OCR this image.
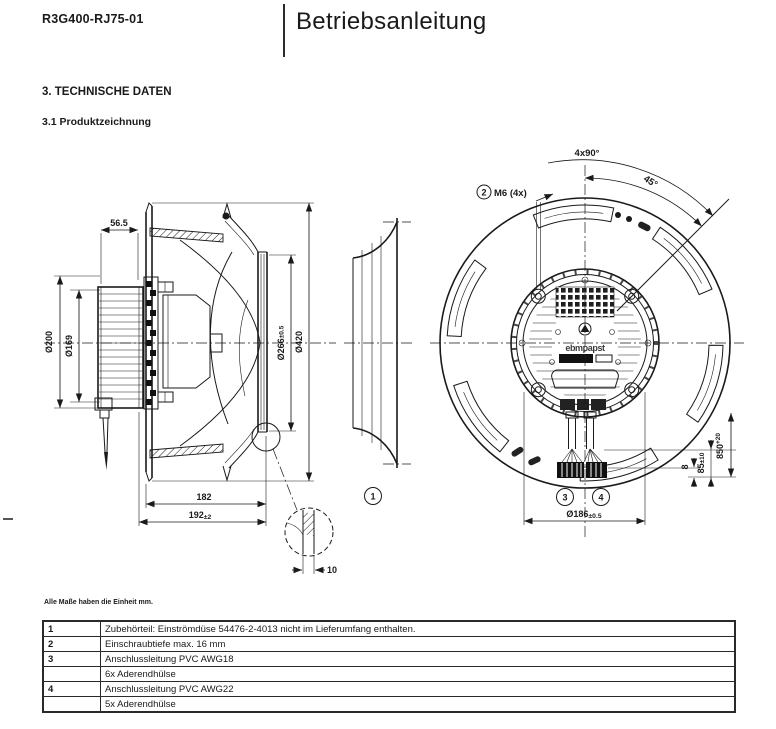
R3G400-RJ75-01	Betriebsanleitung
3. TECHNISCHE DATEN
3.1 Produktzeichnung
56.5
Ø200 Ø169	Ø266±0.5 Ø420
182
192±2
10
1
ebmpapst
45°
4x90°
2 M6 (4x)
8 85±10 $850^{+20}$
Ø186±0.5
3	4
Alle Maße haben die Einheit mm.
1	Zubehörteil: Einströmdüse 54476-2-4013 nicht im Lieferumfang enthalten.
2	Einschraubtiefe max. 16 mm
3	Anschlussleitung PVC AWG18
	6x Aderendhülse
4	Anschlussleitung PVC AWG22
	5x Aderendhülse
